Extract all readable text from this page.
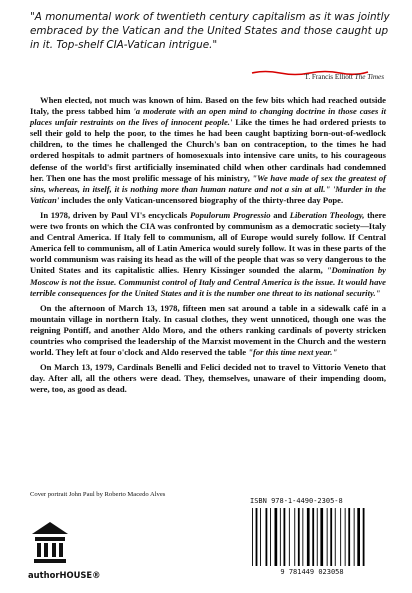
"A monumental work of twentieth century capitalism as it was jointly embraced by the Vatican and the United States and those caught up in it. Top-shelf CIA-Vatican intrigue."
T. Francis Elliott The Times

When elected, not much was known of him. Based on the few bits which had reached outside Italy, the press tabbed him 'a moderate with an open mind to changing doctrine in those cases it places unfair restraints on the lives of innocent people.' Like the times he had ordered priests to sell their gold to help the poor, to the times he had been caught baptizing born-out-of-wedlock children, to the times he challenged the Church's ban on contraception, to the times he had ordered hospitals to admit partners of homosexuals into intensive care units, to his courageous defense of the world's first artificially inseminated child when other cardinals had condemned her. Then one has the most prolific message of his ministry, "We have made of sex the greatest of sins, whereas, in itself, it is nothing more than human nature and not a sin at all." 'Murder in the Vatican' includes the only Vatican-uncensored biography of the thirty-three day Pope.

In 1978, driven by Paul VI's encyclicals Populorum Progressio and Liberation Theology, there were two fronts on which the CIA was confronted by communism as a democratic society—Italy and Central America. If Italy fell to communism, all of Europe would surely follow. If Central America fell to communism, all of Latin America would surely follow. It was in these parts of the world communism was raising its head as the will of the people that was so very dangerous to the United States and its capitalistic allies. Henry Kissinger sounded the alarm, "Domination by Moscow is not the issue. Communist control of Italy and Central America is the issue. It would have terrible consequences for the United States and it is the number one threat to its national security."

On the afternoon of March 13, 1978, fifteen men sat around a table in a sidewalk café in a mountain village in northern Italy. In casual clothes, they went unnoticed, though one was the reigning Pontiff, and another Aldo Moro, and the others ranking cardinals of poverty stricken countries who comprised the leadership of the Marxist movement in the Church and the western world. They left at four o'clock and Aldo reserved the table "for this time next year."

On March 13, 1979, Cardinals Benelli and Felici decided not to travel to Vittorio Veneto that day. After all, all the others were dead. They, themselves, unaware of their impending doom, were, too, as good as dead.

Cover portrait John Paul by Roberto Macedo Alves
ISBN 978-1-4490-2305-8
9 781449 023058
authorHOUSE®
